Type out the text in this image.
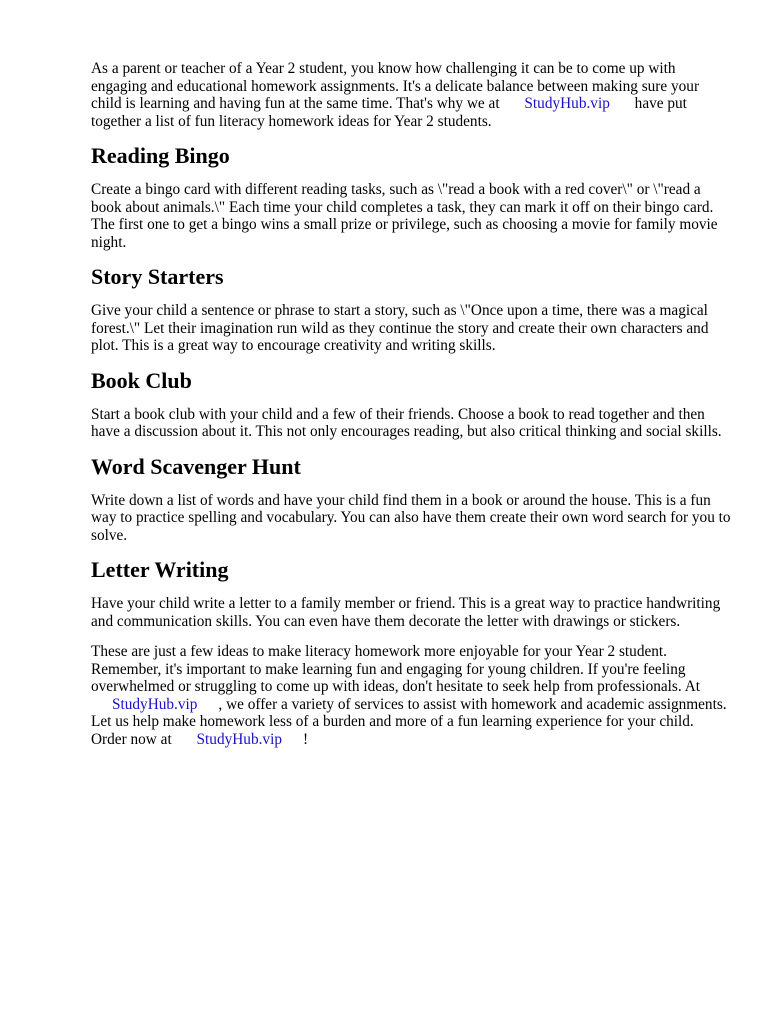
As a parent or teacher of a Year 2 student, you know how challenging it can be to come up with engaging and educational homework assignments. It's a delicate balance between making sure your child is learning and having fun at the same time. That's why we at StudyHub.vip have put together a list of fun literacy homework ideas for Year 2 students.

Reading Bingo

Create a bingo card with different reading tasks, such as \"read a book with a red cover\" or \"read a book about animals.\" Each time your child completes a task, they can mark it off on their bingo card. The first one to get a bingo wins a small prize or privilege, such as choosing a movie for family movie night.

Story Starters

Give your child a sentence or phrase to start a story, such as \"Once upon a time, there was a magical forest.\" Let their imagination run wild as they continue the story and create their own characters and plot. This is a great way to encourage creativity and writing skills.

Book Club

Start a book club with your child and a few of their friends. Choose a book to read together and then have a discussion about it. This not only encourages reading, but also critical thinking and social skills.

Word Scavenger Hunt

Write down a list of words and have your child find them in a book or around the house. This is a fun way to practice spelling and vocabulary. You can also have them create their own word search for you to solve.

Letter Writing

Have your child write a letter to a family member or friend. This is a great way to practice handwriting and communication skills. You can even have them decorate the letter with drawings or stickers.

These are just a few ideas to make literacy homework more enjoyable for your Year 2 student. Remember, it's important to make learning fun and engaging for young children. If you're feeling overwhelmed or struggling to come up with ideas, don't hesitate to seek help from professionals. At StudyHub.vip , we offer a variety of services to assist with homework and academic assignments. Let us help make homework less of a burden and more of a fun learning experience for your child. Order now at StudyHub.vip !
